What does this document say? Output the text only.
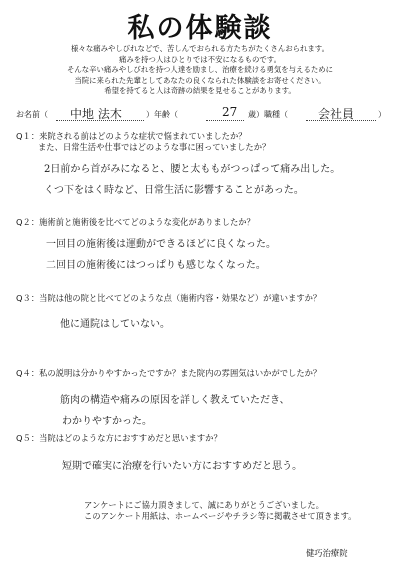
私の体験談
様々な痛みやしびれなどで、苦しんでおられる方たちがたくさんおられます。
痛みを持つ人はひとりでは不安になるものです。
そんな辛い痛みやしびれを持つ人達を励まし、治療を続ける勇気を与えるために
当院に来られた先輩としてあなたの良くなられた体験談をお寄せください。
希望を持てると人は奇跡の結果を見せることがあります。
お名前（ 中地 法木	）年齢（	27 歳）職種（	会社員	）
Q１：来院される前はどのような症状で悩まれていましたか？
また、日常生活や仕事ではどのような事に困っていましたか？
2日前から首がみになると、腰と太ももがつっぱって痛み出した。
くつ下をはく時など、日常生活に影響することがあった。
Q２：施術前と施術後を比べてどのような変化がありましたか？
一回目の施術後は運動ができるほどに良くなった。
二回目の施術後にはつっぱりも感じなくなった。
Q３：当院は他の院と比べてどのような点（施術内容・効果など）が違いますか？
他に通院はしていない。
Q４：私の説明は分かりやすかったですか？また院内の雰囲気はいかがでしたか？
筋肉の構造や痛みの原因を詳しく教えていただき、
わかりやすかった。
Q５：当院はどのような方におすすめだと思いますか？
短期で確実に治療を行いたい方におすすめだと思う。
アンケートにご協力頂きまして、誠にありがとうございました。
このアンケート用紙は、ホームページやチラシ等に掲載させて頂きます。
健巧治療院
